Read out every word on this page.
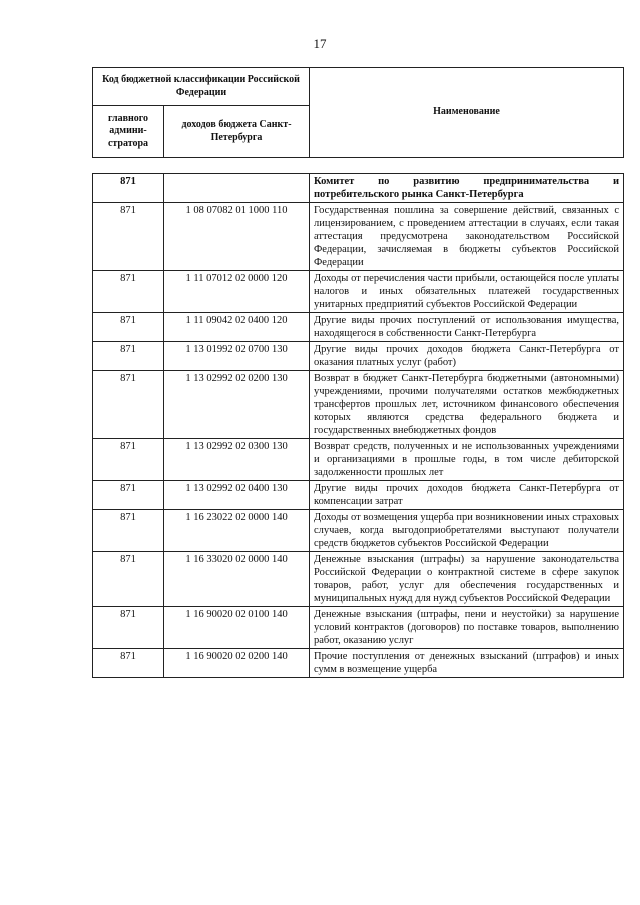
17
Код бюджетной классификации Российской Федерации		Наименование
главного админи-стратора	доходов бюджета Санкт-Петербурга	
871		Комитет по развитию предпринимательства и потребительского рынка Санкт-Петербурга
871	1 08 07082 01 1000 110	Государственная пошлина за совершение действий, связанных с лицензированием, с проведением аттестации в случаях, если такая аттестация предусмотрена законодательством Российской Федерации, зачисляемая в бюджеты субъектов Российской Федерации
871	1 11 07012 02 0000 120	Доходы от перечисления части прибыли, остающейся после уплаты налогов и иных обязательных платежей государственных унитарных предприятий субъектов Российской Федерации
871	1 11 09042 02 0400 120	Другие виды прочих поступлений от использования имущества, находящегося в собственности Санкт-Петербурга
871	1 13 01992 02 0700 130	Другие виды прочих доходов бюджета Санкт-Петербурга от оказания платных услуг (работ)
871	1 13 02992 02 0200 130	Возврат в бюджет Санкт-Петербурга бюджетными (автономными) учреждениями, прочими получателями остатков межбюджетных трансфертов прошлых лет, источником финансового обеспечения которых являются средства федерального бюджета и государственных внебюджетных фондов
871	1 13 02992 02 0300 130	Возврат средств, полученных и не использованных учреждениями и организациями в прошлые годы, в том числе дебиторской задолженности прошлых лет
871	1 13 02992 02 0400 130	Другие виды прочих доходов бюджета Санкт-Петербурга от компенсации затрат
871	1 16 23022 02 0000 140	Доходы от возмещения ущерба при возникновении иных страховых случаев, когда выгодоприобретателями выступают получатели средств бюджетов субъектов Российской Федерации
871	1 16 33020 02 0000 140	Денежные взыскания (штрафы) за нарушение законодательства Российской Федерации о контрактной системе в сфере закупок товаров, работ, услуг для обеспечения государственных и муниципальных нужд для нужд субъектов Российской Федерации
871	1 16 90020 02 0100 140	Денежные взыскания (штрафы, пени и неустойки) за нарушение условий контрактов (договоров) по поставке товаров, выполнению работ, оказанию услуг
871	1 16 90020 02 0200 140	Прочие поступления от денежных взысканий (штрафов) и иных сумм в возмещение ущерба
